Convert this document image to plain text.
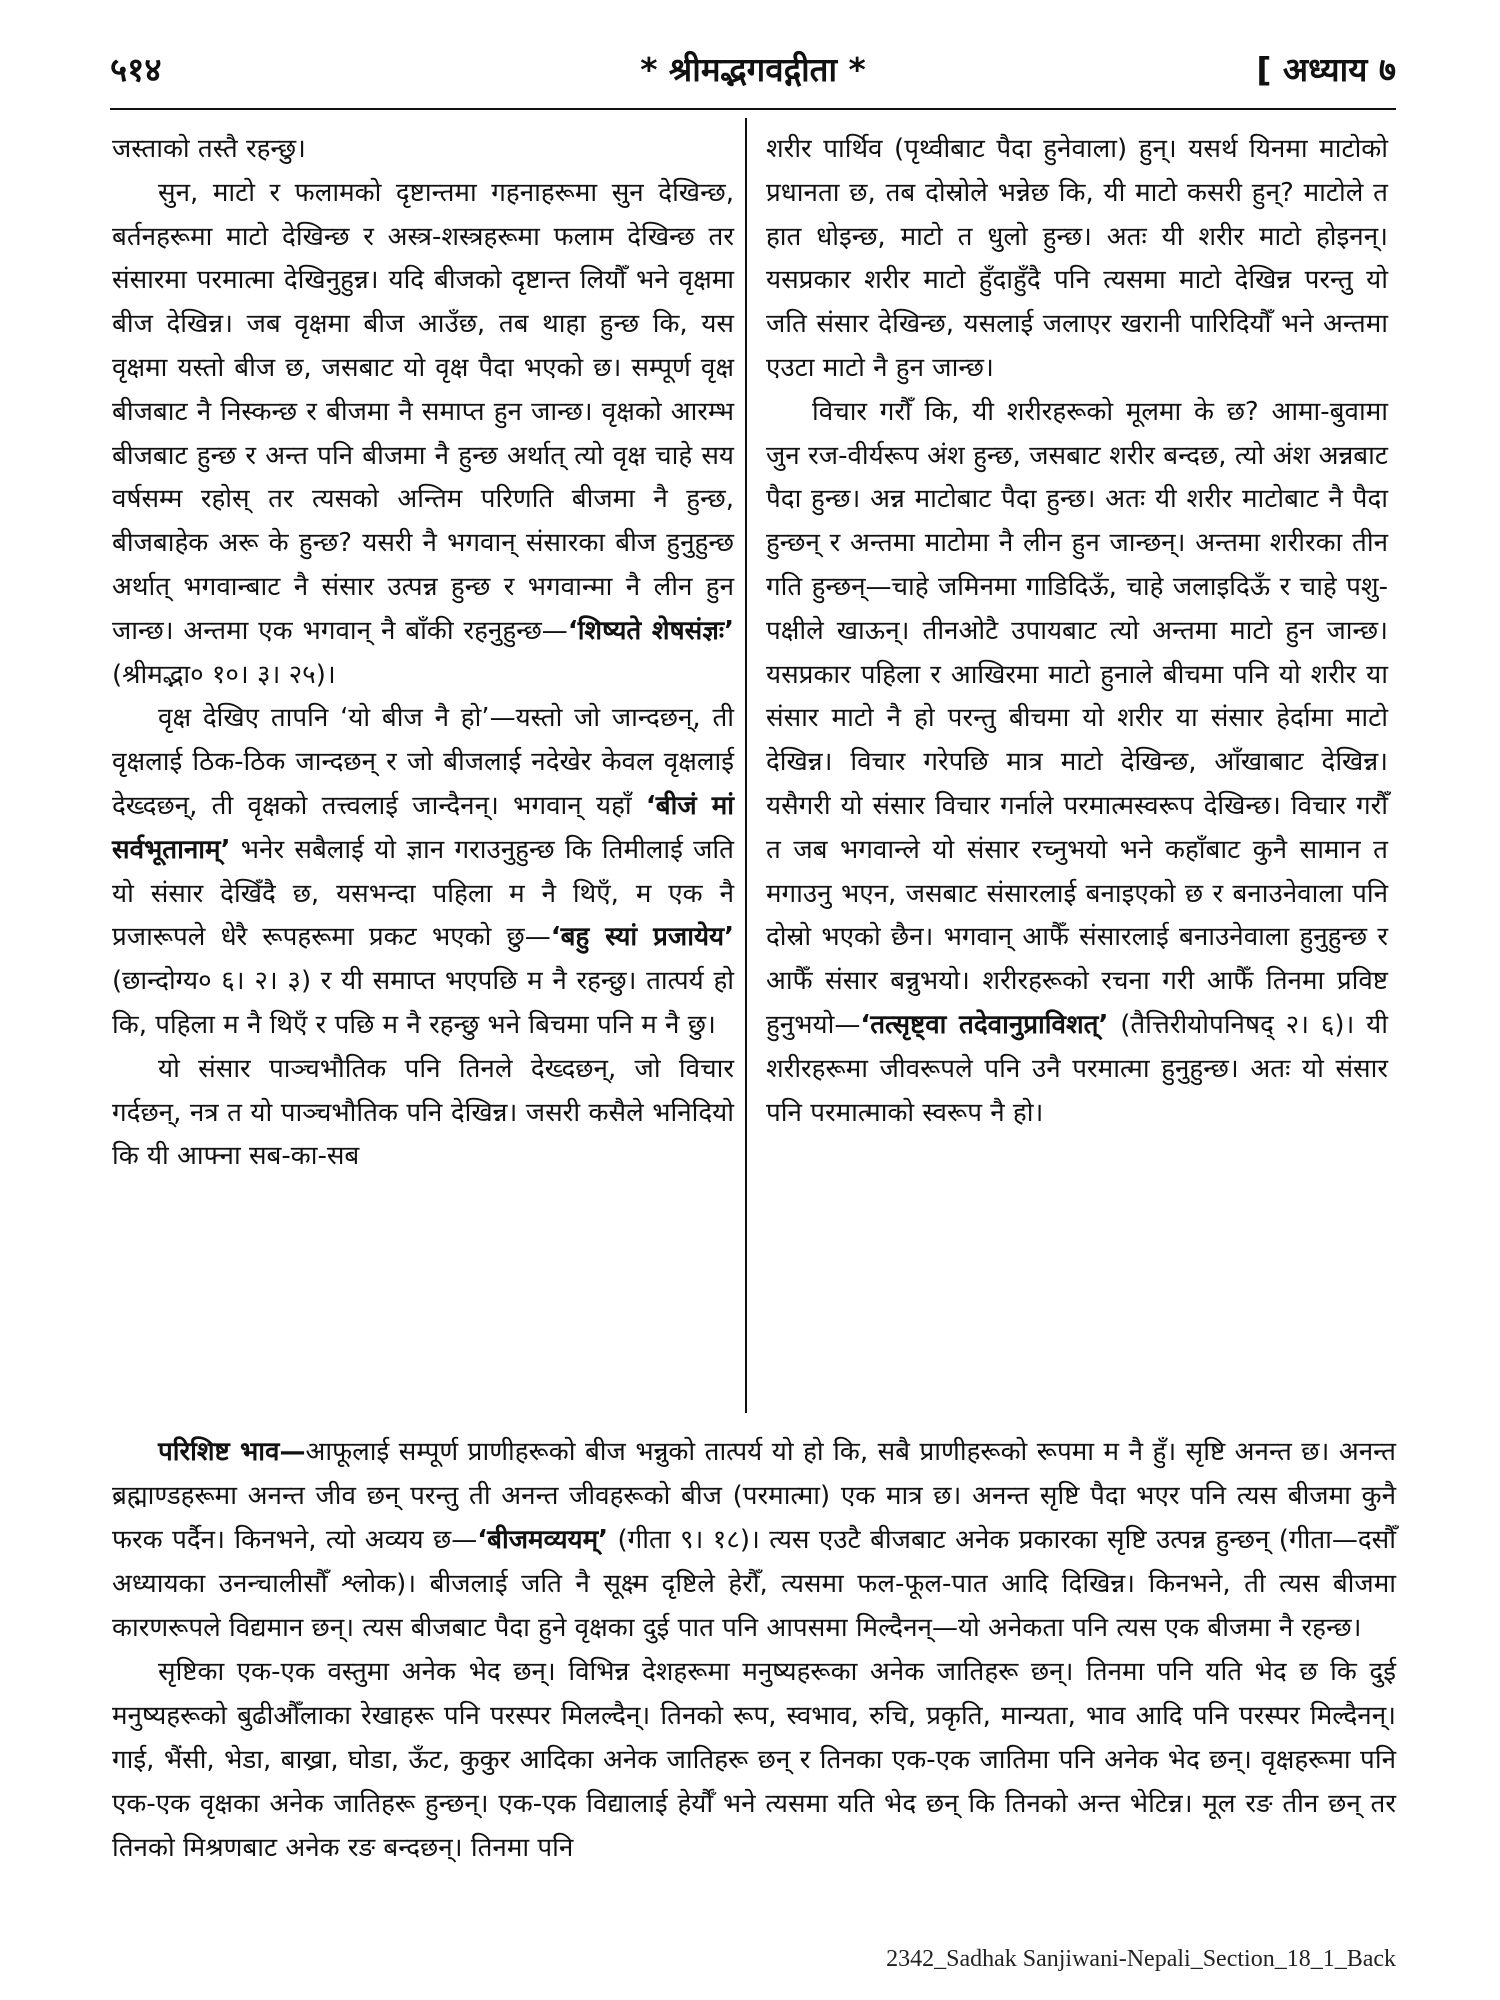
५१४	* श्रीमद्भगवद्गीता *	[ अध्याय ७

जस्ताको तस्तै रहन्छु।

सुन, माटो र फलामको दृष्टान्तमा गहनाहरूमा सुन देखिन्छ, बर्तनहरूमा माटो देखिन्छ र अस्त्र-शस्त्रहरूमा फलाम देखिन्छ तर संसारमा परमात्मा देखिनुहुन्न। यदि बीजको दृष्टान्त लियौँ भने वृक्षमा बीज देखिन्न। जब वृक्षमा बीज आउँछ, तब थाहा हुन्छ कि, यस वृक्षमा यस्तो बीज छ, जसबाट यो वृक्ष पैदा भएको छ। सम्पूर्ण वृक्ष बीजबाट नै निस्कन्छ र बीजमा नै समाप्त हुन जान्छ। वृक्षको आरम्भ बीजबाट हुन्छ र अन्त पनि बीजमा नै हुन्छ अर्थात् त्यो वृक्ष चाहे सय वर्षसम्म रहोस् तर त्यसको अन्तिम परिणति बीजमा नै हुन्छ, बीजबाहेक अरू के हुन्छ? यसरी नै भगवान् संसारका बीज हुनुहुन्छ अर्थात् भगवान्बाट नै संसार उत्पन्न हुन्छ र भगवान्मा नै लीन हुन जान्छ। अन्तमा एक भगवान् नै बाँकी रहनुहुन्छ—‘शिष्यते शेषसंज्ञः’ (श्रीमद्भा० १०। ३। २५)।

वृक्ष देखिए तापनि ‘यो बीज नै हो’—यस्तो जो जान्दछन्, ती वृक्षलाई ठिक-ठिक जान्दछन् र जो बीजलाई नदेखेर केवल वृक्षलाई देख्दछन्, ती वृक्षको तत्त्वलाई जान्दैनन्। भगवान् यहाँ ‘बीजं मां सर्वभूतानाम्’ भनेर सबैलाई यो ज्ञान गराउनुहुन्छ कि तिमीलाई जति यो संसार देखिँदै छ, यसभन्दा पहिला म नै थिएँ, म एक नै प्रजारूपले धेरै रूपहरूमा प्रकट भएको छु—‘बहु स्यां प्रजायेय’ (छान्दोग्य० ६। २। ३) र यी समाप्त भएपछि म नै रहन्छु। तात्पर्य हो कि, पहिला म नै थिएँ र पछि म नै रहन्छु भने बिचमा पनि म नै छु।

यो संसार पाञ्चभौतिक पनि तिनले देख्दछन्, जो विचार गर्दछन्, नत्र त यो पाञ्चभौतिक पनि देखिन्न। जसरी कसैले भनिदियो कि यी आफ्ना सब-का-सब

शरीर पार्थिव (पृथ्वीबाट पैदा हुनेवाला) हुन्। यसर्थ यिनमा माटोको प्रधानता छ, तब दोस्रोले भन्नेछ कि, यी माटो कसरी हुन्? माटोले त हात धोइन्छ, माटो त धुलो हुन्छ। अतः यी शरीर माटो होइनन्। यसप्रकार शरीर माटो हुँदाहुँदै पनि त्यसमा माटो देखिन्न परन्तु यो जति संसार देखिन्छ, यसलाई जलाएर खरानी पारिदियौँ भने अन्तमा एउटा माटो नै हुन जान्छ।

विचार गरौँ कि, यी शरीरहरूको मूलमा के छ? आमा-बुवामा जुन रज-वीर्यरूप अंश हुन्छ, जसबाट शरीर बन्दछ, त्यो अंश अन्नबाट पैदा हुन्छ। अन्न माटोबाट पैदा हुन्छ। अतः यी शरीर माटोबाट नै पैदा हुन्छन् र अन्तमा माटोमा नै लीन हुन जान्छन्। अन्तमा शरीरका तीन गति हुन्छन्—चाहे जमिनमा गाडिदिऊँ, चाहे जलाइदिऊँ र चाहे पशु-पक्षीले खाऊन्। तीनओटै उपायबाट त्यो अन्तमा माटो हुन जान्छ। यसप्रकार पहिला र आखिरमा माटो हुनाले बीचमा पनि यो शरीर या संसार माटो नै हो परन्तु बीचमा यो शरीर या संसार हेर्दामा माटो देखिन्न। विचार गरेपछि मात्र माटो देखिन्छ, आँखाबाट देखिन्न। यसैगरी यो संसार विचार गर्नाले परमात्मस्वरूप देखिन्छ। विचार गरौँ त जब भगवान्ले यो संसार रच्नुभयो भने कहाँबाट कुनै सामान त मगाउनु भएन, जसबाट संसारलाई बनाइएको छ र बनाउनेवाला पनि दोस्रो भएको छैन। भगवान् आफैँ संसारलाई बनाउनेवाला हुनुहुन्छ र आफैँ संसार बन्नुभयो। शरीरहरूको रचना गरी आफैँ तिनमा प्रविष्ट हुनुभयो—‘तत्सृष्ट्वा तदेवानुप्राविशत्’ (तैत्तिरीयोपनिषद् २। ६)। यी शरीरहरूमा जीवरूपले पनि उनै परमात्मा हुनुहुन्छ। अतः यो संसार पनि परमात्माको स्वरूप नै हो।

परिशिष्ट भाव—आफूलाई सम्पूर्ण प्राणीहरूको बीज भन्नुको तात्पर्य यो हो कि, सबै प्राणीहरूको रूपमा म नै हुँ। सृष्टि अनन्त छ। अनन्त ब्रह्माण्डहरूमा अनन्त जीव छन् परन्तु ती अनन्त जीवहरूको बीज (परमात्मा) एक मात्र छ। अनन्त सृष्टि पैदा भएर पनि त्यस बीजमा कुनै फरक पर्दैन। किनभने, त्यो अव्यय छ—‘बीजमव्ययम्’ (गीता ९। १८)। त्यस एउटै बीजबाट अनेक प्रकारका सृष्टि उत्पन्न हुन्छन् (गीता—दसौँ अध्यायका उनन्चालीसौँ श्लोक)। बीजलाई जति नै सूक्ष्म दृष्टिले हेरौँ, त्यसमा फल-फूल-पात आदि दिखिन्न। किनभने, ती त्यस बीजमा कारणरूपले विद्यमान छन्। त्यस बीजबाट पैदा हुने वृक्षका दुई पात पनि आपसमा मिल्दैनन्—यो अनेकता पनि त्यस एक बीजमा नै रहन्छ।

सृष्टिका एक-एक वस्तुमा अनेक भेद छन्। विभिन्न देशहरूमा मनुष्यहरूका अनेक जातिहरू छन्। तिनमा पनि यति भेद छ कि दुई मनुष्यहरूको बुढीऔँलाका रेखाहरू पनि परस्पर मिलल्दैन्। तिनको रूप, स्वभाव, रुचि, प्रकृति, मान्यता, भाव आदि पनि परस्पर मिल्दैनन्। गाई, भैंसी, भेडा, बाख्रा, घोडा, ऊँट, कुकुर आदिका अनेक जातिहरू छन् र तिनका एक-एक जातिमा पनि अनेक भेद छन्। वृक्षहरूमा पनि एक-एक वृक्षका अनेक जातिहरू हुन्छन्। एक-एक विद्यालाई हेर्यौँ भने त्यसमा यति भेद छन् कि तिनको अन्त भेटिन्न। मूल रङ तीन छन् तर तिनको मिश्रणबाट अनेक रङ बन्दछन्। तिनमा पनि

2342_Sadhak Sanjiwani-Nepali_Section_18_1_Back
